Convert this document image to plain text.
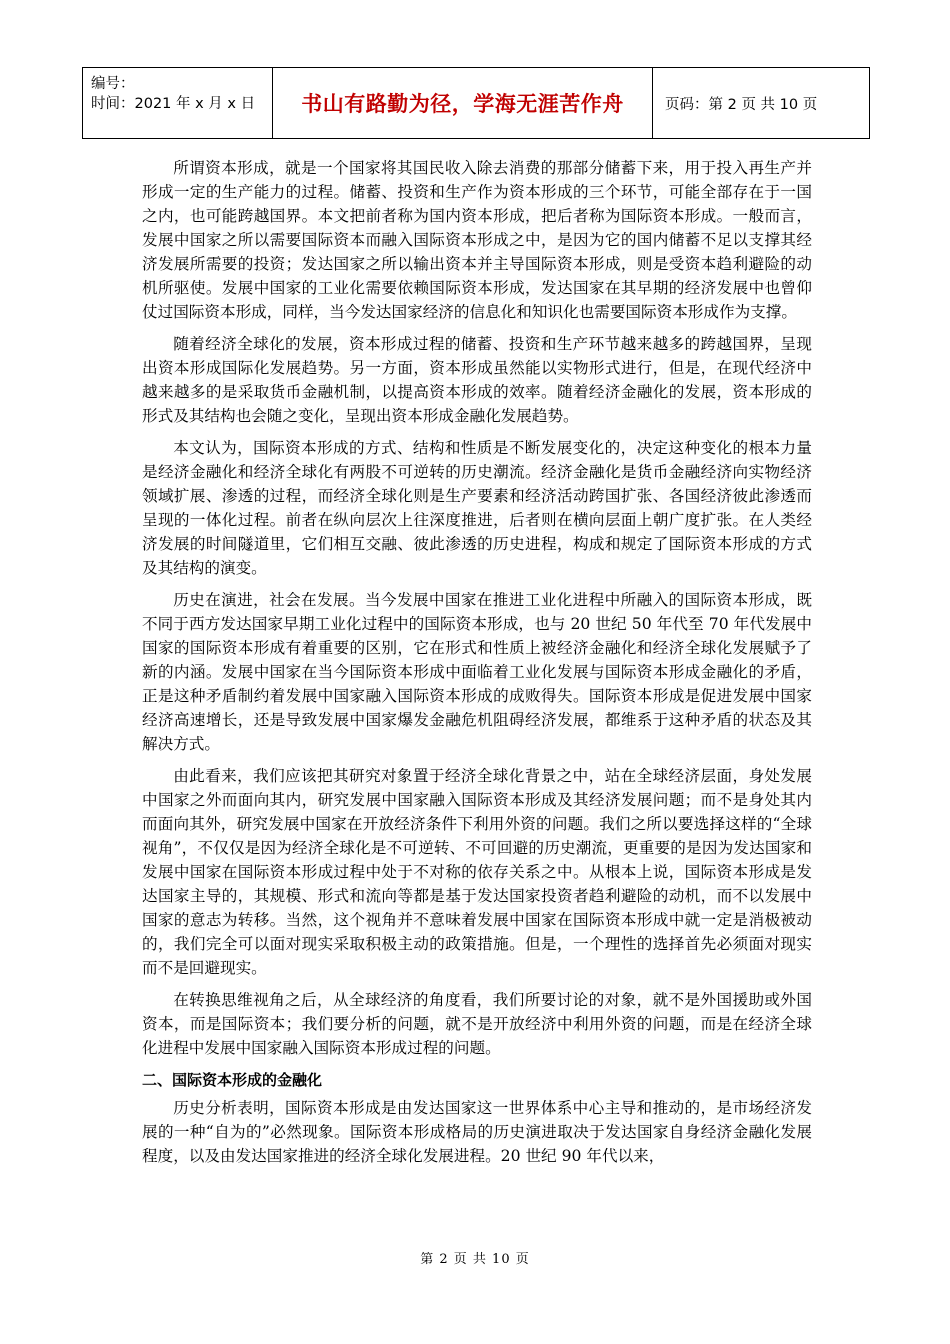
编号：
时间：2021 年 x 月 x 日	书山有路勤为径，学海无涯苦作舟	页码：第 2 页 共 10 页

所谓资本形成，就是一个国家将其国民收入除去消费的那部分储蓄下来，用于投入再生产并形成一定的生产能力的过程。储蓄、投资和生产作为资本形成的三个环节，可能全部存在于一国之内，也可能跨越国界。本文把前者称为国内资本形成，把后者称为国际资本形成。一般而言，发展中国家之所以需要国际资本而融入国际资本形成之中，是因为它的国内储蓄不足以支撑其经济发展所需要的投资；发达国家之所以输出资本并主导国际资本形成，则是受资本趋利避险的动机所驱使。发展中国家的工业化需要依赖国际资本形成，发达国家在其早期的经济发展中也曾仰仗过国际资本形成，同样，当今发达国家经济的信息化和知识化也需要国际资本形成作为支撑。

随着经济全球化的发展，资本形成过程的储蓄、投资和生产环节越来越多的跨越国界，呈现出资本形成国际化发展趋势。另一方面，资本形成虽然能以实物形式进行，但是，在现代经济中越来越多的是采取货币金融机制，以提高资本形成的效率。随着经济金融化的发展，资本形成的形式及其结构也会随之变化，呈现出资本形成金融化发展趋势。

本文认为，国际资本形成的方式、结构和性质是不断发展变化的，决定这种变化的根本力量是经济金融化和经济全球化有两股不可逆转的历史潮流。经济金融化是货币金融经济向实物经济领域扩展、渗透的过程，而经济全球化则是生产要素和经济活动跨国扩张、各国经济彼此渗透而呈现的一体化过程。前者在纵向层次上往深度推进，后者则在横向层面上朝广度扩张。在人类经济发展的时间隧道里，它们相互交融、彼此渗透的历史进程，构成和规定了国际资本形成的方式及其结构的演变。

历史在演进，社会在发展。当今发展中国家在推进工业化进程中所融入的国际资本形成，既不同于西方发达国家早期工业化过程中的国际资本形成，也与 20 世纪 50 年代至 70 年代发展中国家的国际资本形成有着重要的区别，它在形式和性质上被经济金融化和经济全球化发展赋予了新的内涵。发展中国家在当今国际资本形成中面临着工业化发展与国际资本形成金融化的矛盾，正是这种矛盾制约着发展中国家融入国际资本形成的成败得失。国际资本形成是促进发展中国家经济高速增长，还是导致发展中国家爆发金融危机阻碍经济发展，都维系于这种矛盾的状态及其解决方式。

由此看来，我们应该把其研究对象置于经济全球化背景之中，站在全球经济层面，身处发展中国家之外而面向其内，研究发展中国家融入国际资本形成及其经济发展问题；而不是身处其内而面向其外，研究发展中国家在开放经济条件下利用外资的问题。我们之所以要选择这样的“全球视角”，不仅仅是因为经济全球化是不可逆转、不可回避的历史潮流，更重要的是因为发达国家和发展中国家在国际资本形成过程中处于不对称的依存关系之中。从根本上说，国际资本形成是发达国家主导的，其规模、形式和流向等都是基于发达国家投资者趋利避险的动机，而不以发展中国家的意志为转移。当然，这个视角并不意味着发展中国家在国际资本形成中就一定是消极被动的，我们完全可以面对现实采取积极主动的政策措施。但是，一个理性的选择首先必须面对现实而不是回避现实。

在转换思维视角之后，从全球经济的角度看，我们所要讨论的对象，就不是外国援助或外国资本，而是国际资本；我们要分析的问题，就不是开放经济中利用外资的问题，而是在经济全球化进程中发展中国家融入国际资本形成过程的问题。

二、国际资本形成的金融化

历史分析表明，国际资本形成是由发达国家这一世界体系中心主导和推动的，是市场经济发展的一种“自为的”必然现象。国际资本形成格局的历史演进取决于发达国家自身经济金融化发展程度，以及由发达国家推进的经济全球化发展进程。20 世纪 90 年代以来，

第 2 页 共 10 页
